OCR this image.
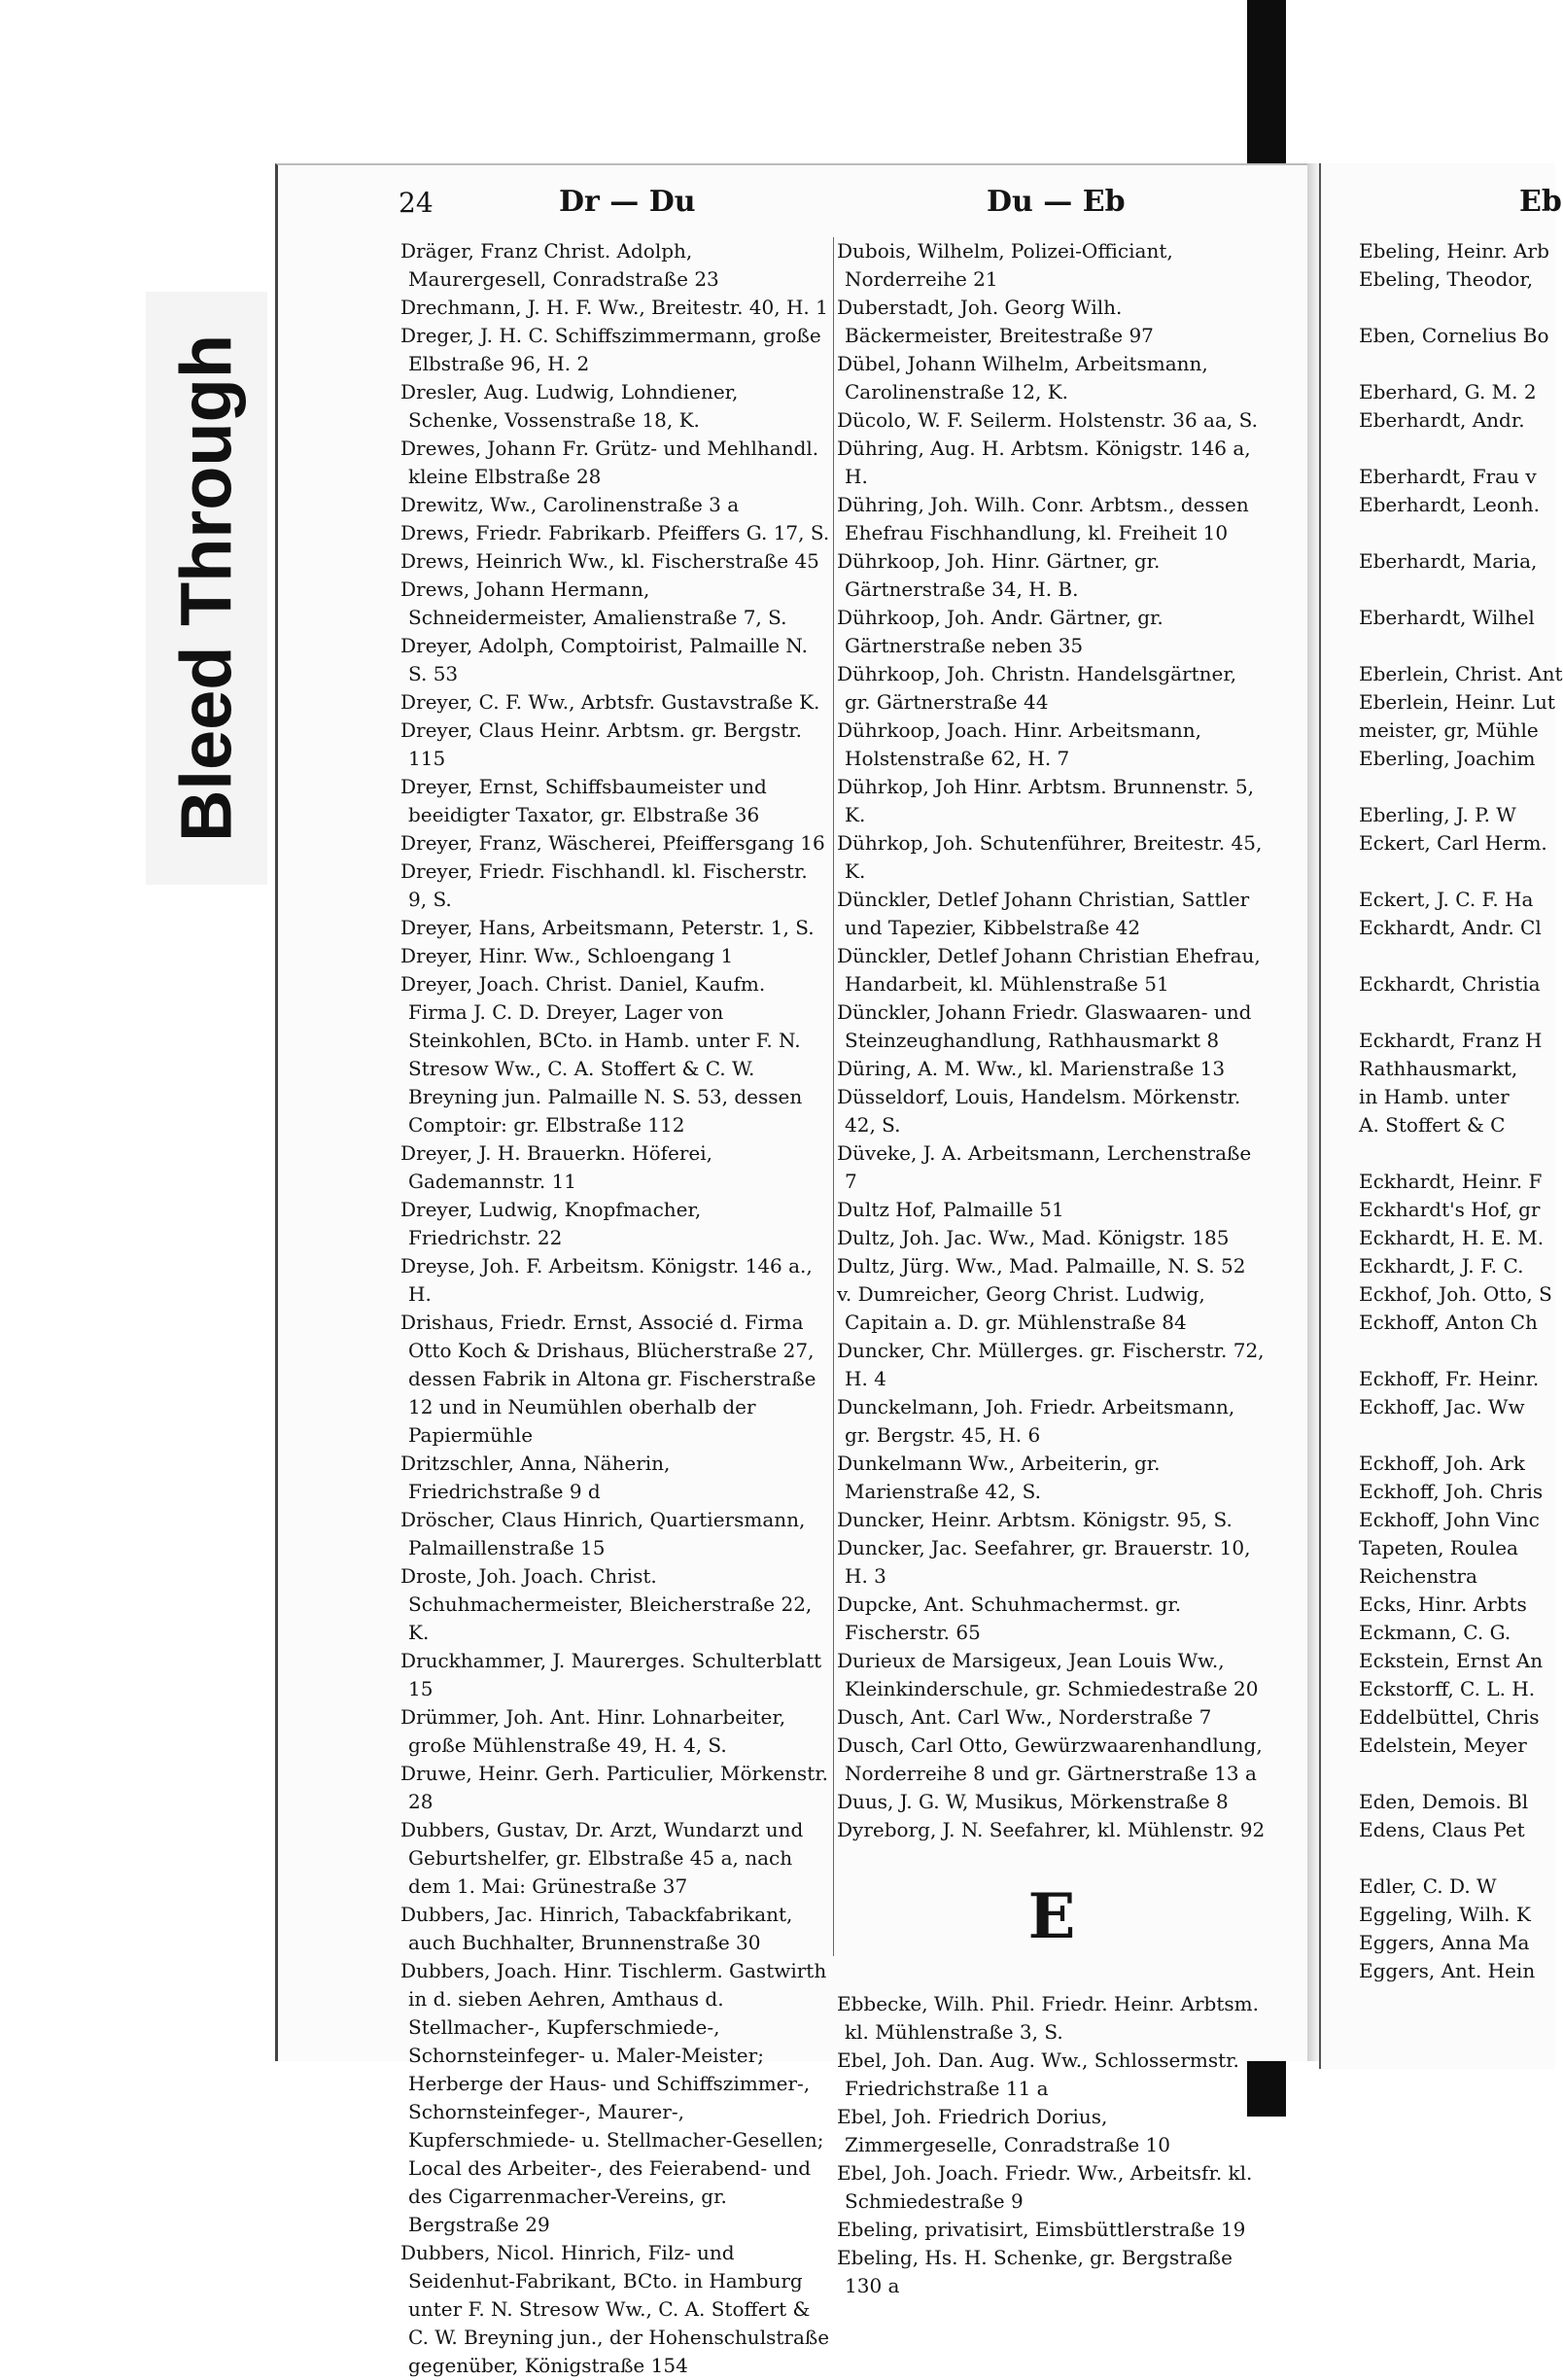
Bleed Through
24	Dr — Du	Du — Eb	Eb
Dräger, Franz Christ. Adolph, Maurergesell, Conradstraße 23
Drechmann, J. H. F. Ww., Breitestr. 40, H. 1
Dreger, J. H. C. Schiffszimmermann, große Elbstraße 96, H. 2
Dresler, Aug. Ludwig, Lohndiener, Schenke, Vossenstraße 18, K.
Drewes, Johann Fr. Grütz- und Mehlhandl. kleine Elbstraße 28
Drewitz, Ww., Carolinenstraße 3 a
Drews, Friedr. Fabrikarb. Pfeiffers G. 17, S.
Drews, Heinrich Ww., kl. Fischerstraße 45
Drews, Johann Hermann, Schneidermeister, Amalienstraße 7, S.
Dreyer, Adolph, Comptoirist, Palmaille N. S. 53
Dreyer, C. F. Ww., Arbtsfr. Gustavstraße K.
Dreyer, Claus Heinr. Arbtsm. gr. Bergstr. 115
Dreyer, Ernst, Schiffsbaumeister und beeidigter Taxator, gr. Elbstraße 36
Dreyer, Franz, Wäscherei, Pfeiffersgang 16
Dreyer, Friedr. Fischhandl. kl. Fischerstr. 9, S.
Dreyer, Hans, Arbeitsmann, Peterstr. 1, S.
Dreyer, Hinr. Ww., Schloengang 1
Dreyer, Joach. Christ. Daniel, Kaufm. Firma J. C. D. Dreyer, Lager von Steinkohlen, BCto. in Hamb. unter F. N. Stresow Ww., C. A. Stoffert & C. W. Breyning jun. Palmaille N. S. 53, dessen Comptoir: gr. Elbstraße 112
Dreyer, J. H. Brauerkn. Höferei, Gademannstr. 11
Dreyer, Ludwig, Knopfmacher, Friedrichstr. 22
Dreyse, Joh. F. Arbeitsm. Königstr. 146 a., H.
Drishaus, Friedr. Ernst, Associé d. Firma Otto Koch & Drishaus, Blücherstraße 27, dessen Fabrik in Altona gr. Fischerstraße 12 und in Neumühlen oberhalb der Papiermühle
Dritzschler, Anna, Näherin, Friedrichstraße 9 d
Dröscher, Claus Hinrich, Quartiersmann, Palmaillenstraße 15
Droste, Joh. Joach. Christ. Schuhmachermeister, Bleicherstraße 22, K.
Druckhammer, J. Maurerges. Schulterblatt 15
Drümmer, Joh. Ant. Hinr. Lohnarbeiter, große Mühlenstraße 49, H. 4, S.
Druwe, Heinr. Gerh. Particulier, Mörkenstr. 28
Dubbers, Gustav, Dr. Arzt, Wundarzt und Geburtshelfer, gr. Elbstraße 45 a, nach dem 1. Mai: Grünestraße 37
Dubbers, Jac. Hinrich, Tabackfabrikant, auch Buchhalter, Brunnenstraße 30
Dubbers, Joach. Hinr. Tischlerm. Gastwirth in d. sieben Aehren, Amthaus d. Stellmacher-, Kupferschmiede-, Schornsteinfeger- u. Maler-Meister; Herberge der Haus- und Schiffszimmer-, Schornsteinfeger-, Maurer-, Kupferschmiede- u. Stellmacher-Gesellen; Local des Arbeiter-, des Feierabend- und des Cigarrenmacher-Vereins, gr. Bergstraße 29
Dubbers, Nicol. Hinrich, Filz- und Seidenhut-Fabrikant, BCto. in Hamburg unter F. N. Stresow Ww., C. A. Stoffert & C. W. Breyning jun., der Hohenschulstraße gegenüber, Königstraße 154
Dubois, Wilhelm, Polizei-Officiant, Norderreihe 21
Duberstadt, Joh. Georg Wilh. Bäckermeister, Breitestraße 97
Dübel, Johann Wilhelm, Arbeitsmann, Carolinenstraße 12, K.
Dücolo, W. F. Seilerm. Holstenstr. 36 aa, S.
Dühring, Aug. H. Arbtsm. Königstr. 146 a, H.
Dühring, Joh. Wilh. Conr. Arbtsm., dessen Ehefrau Fischhandlung, kl. Freiheit 10
Dührkoop, Joh. Hinr. Gärtner, gr. Gärtnerstraße 34, H. B.
Dührkoop, Joh. Andr. Gärtner, gr. Gärtnerstraße neben 35
Dührkoop, Joh. Christn. Handelsgärtner, gr. Gärtnerstraße 44
Dührkoop, Joach. Hinr. Arbeitsmann, Holstenstraße 62, H. 7
Dührkop, Joh Hinr. Arbtsm. Brunnenstr. 5, K.
Dührkop, Joh. Schutenführer, Breitestr. 45, K.
Dünckler, Detlef Johann Christian, Sattler und Tapezier, Kibbelstraße 42
Dünckler, Detlef Johann Christian Ehefrau, Handarbeit, kl. Mühlenstraße 51
Dünckler, Johann Friedr. Glaswaaren- und Steinzeughandlung, Rathhausmarkt 8
Düring, A. M. Ww., kl. Marienstraße 13
Düsseldorf, Louis, Handelsm. Mörkenstr. 42, S.
Düveke, J. A. Arbeitsmann, Lerchenstraße 7
Dultz Hof, Palmaille 51
Dultz, Joh. Jac. Ww., Mad. Königstr. 185
Dultz, Jürg. Ww., Mad. Palmaille, N. S. 52
v. Dumreicher, Georg Christ. Ludwig, Capitain a. D. gr. Mühlenstraße 84
Duncker, Chr. Müllerges. gr. Fischerstr. 72, H. 4
Dunckelmann, Joh. Friedr. Arbeitsmann, gr. Bergstr. 45, H. 6
Dunkelmann Ww., Arbeiterin, gr. Marienstraße 42, S.
Duncker, Heinr. Arbtsm. Königstr. 95, S.
Duncker, Jac. Seefahrer, gr. Brauerstr. 10, H. 3
Dupcke, Ant. Schuhmachermst. gr. Fischerstr. 65
Durieux de Marsigeux, Jean Louis Ww., Kleinkinderschule, gr. Schmiedestraße 20
Dusch, Ant. Carl Ww., Norderstraße 7
Dusch, Carl Otto, Gewürzwaarenhandlung, Norderreihe 8 und gr. Gärtnerstraße 13 a
Duus, J. G. W, Musikus, Mörkenstraße 8
Dyreborg, J. N. Seefahrer, kl. Mühlenstr. 92
E
Ebbecke, Wilh. Phil. Friedr. Heinr. Arbtsm. kl. Mühlenstraße 3, S.
Ebel, Joh. Dan. Aug. Ww., Schlossermstr. Friedrichstraße 11 a
Ebel, Joh. Friedrich Dorius, Zimmergeselle, Conradstraße 10
Ebel, Joh. Joach. Friedr. Ww., Arbeitsfr. kl. Schmiedestraße 9
Ebeling, privatisirt, Eimsbüttlerstraße 19
Ebeling, Hs. H. Schenke, gr. Bergstraße 130 a
Ebeling, Heinr. Arb
Ebeling, Theodor,

Eben, Cornelius Bo

Eberhard, G. M. 2
Eberhardt, Andr.

Eberhardt, Frau v
Eberhardt, Leonh.

Eberhardt, Maria,

Eberhardt, Wilhel

Eberlein, Christ. Ant
Eberlein, Heinr. Lut
meister, gr, Mühle
Eberling, Joachim

Eberling, J. P. W
Eckert, Carl Herm.

Eckert, J. C. F. Ha
Eckhardt, Andr. Cl

Eckhardt, Christia

Eckhardt, Franz H
Rathhausmarkt,
in Hamb. unter
A. Stoffert & C

Eckhardt, Heinr. F
Eckhardt's Hof, gr
Eckhardt, H. E. M.
Eckhardt, J. F. C.
Eckhof, Joh. Otto, S
Eckhoff, Anton Ch

Eckhoff, Fr. Heinr.
Eckhoff, Jac. Ww

Eckhoff, Joh. Ark
Eckhoff, Joh. Chris
Eckhoff, John Vinc
Tapeten, Roulea
Reichenstra
Ecks, Hinr. Arbts
Eckmann, C. G.
Eckstein, Ernst An
Eckstorff, C. L. H.
Eddelbüttel, Chris
Edelstein, Meyer

Eden, Demois. Bl
Edens, Claus Pet

Edler, C. D. W
Eggeling, Wilh. K
Eggers, Anna Ma
Eggers, Ant. Hein
